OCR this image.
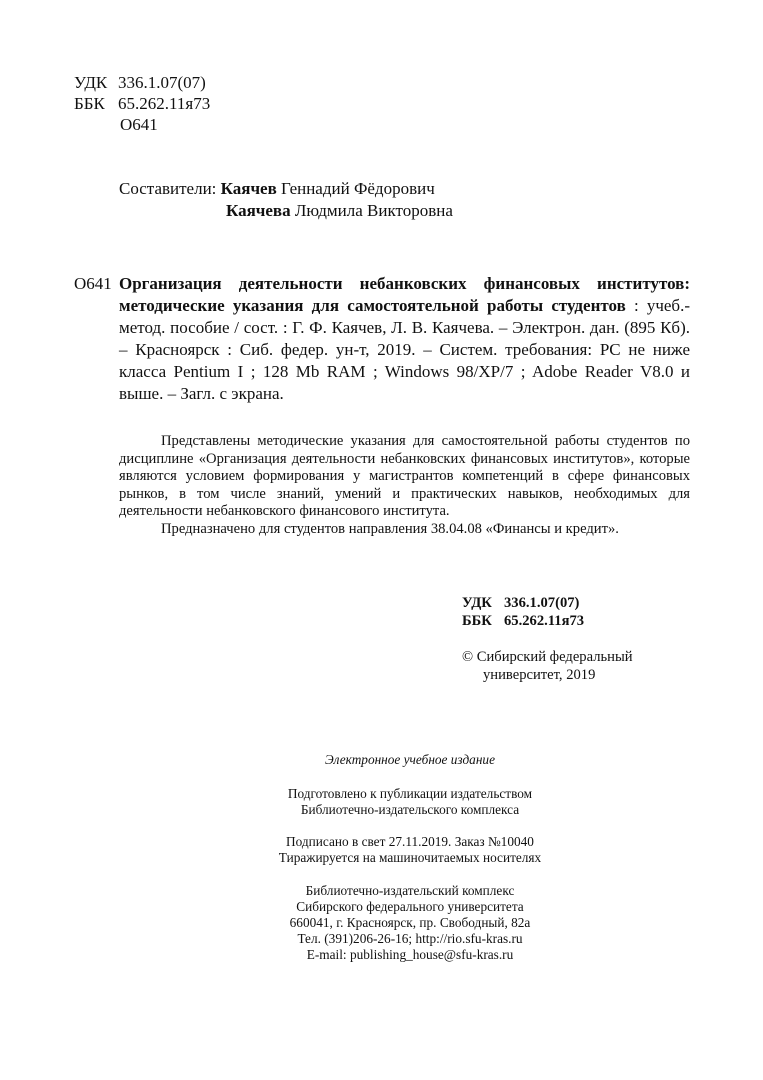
УДК 336.1.07(07)
ББК 65.262.11я73
О641
Составители: Каячев Геннадий Фёдорович
Каячева Людмила Викторовна
О641 Организация деятельности небанковских финансовых институтов: методические указания для самостоятельной работы студентов : учеб.-метод. пособие / сост. : Г. Ф. Каячев, Л. В. Каячева. – Электрон. дан. (895 Кб). – Красноярск : Сиб. федер. ун-т, 2019. – Систем. требования: PC не ниже класса Pentium I ; 128 Mb RAM ; Windows 98/XP/7 ; Adobe Reader V8.0 и выше. – Загл. с экрана.

Представлены методические указания для самостоятельной работы студентов по дисциплине «Организация деятельности небанковских финансовых институтов», которые являются условием формирования у магистрантов компетенций в сфере финансовых рынков, в том числе знаний, умений и практических навыков, необходимых для деятельности небанковского финансового института.

Предназначено для студентов направления 38.04.08 «Финансы и кредит».

УДК 336.1.07(07)
ББК 65.262.11я73
© Сибирский федеральный
университет, 2019
Электронное учебное издание
Подготовлено к публикации издательством
Библиотечно-издательского комплекса
Подписано в свет 27.11.2019. Заказ №10040
Тиражируется на машиночитаемых носителях
Библиотечно-издательский комплекс
Сибирского федерального университета
660041, г. Красноярск, пр. Свободный, 82а
Тел. (391)206-26-16; http://rio.sfu-kras.ru
E-mail: publishing_house@sfu-kras.ru
